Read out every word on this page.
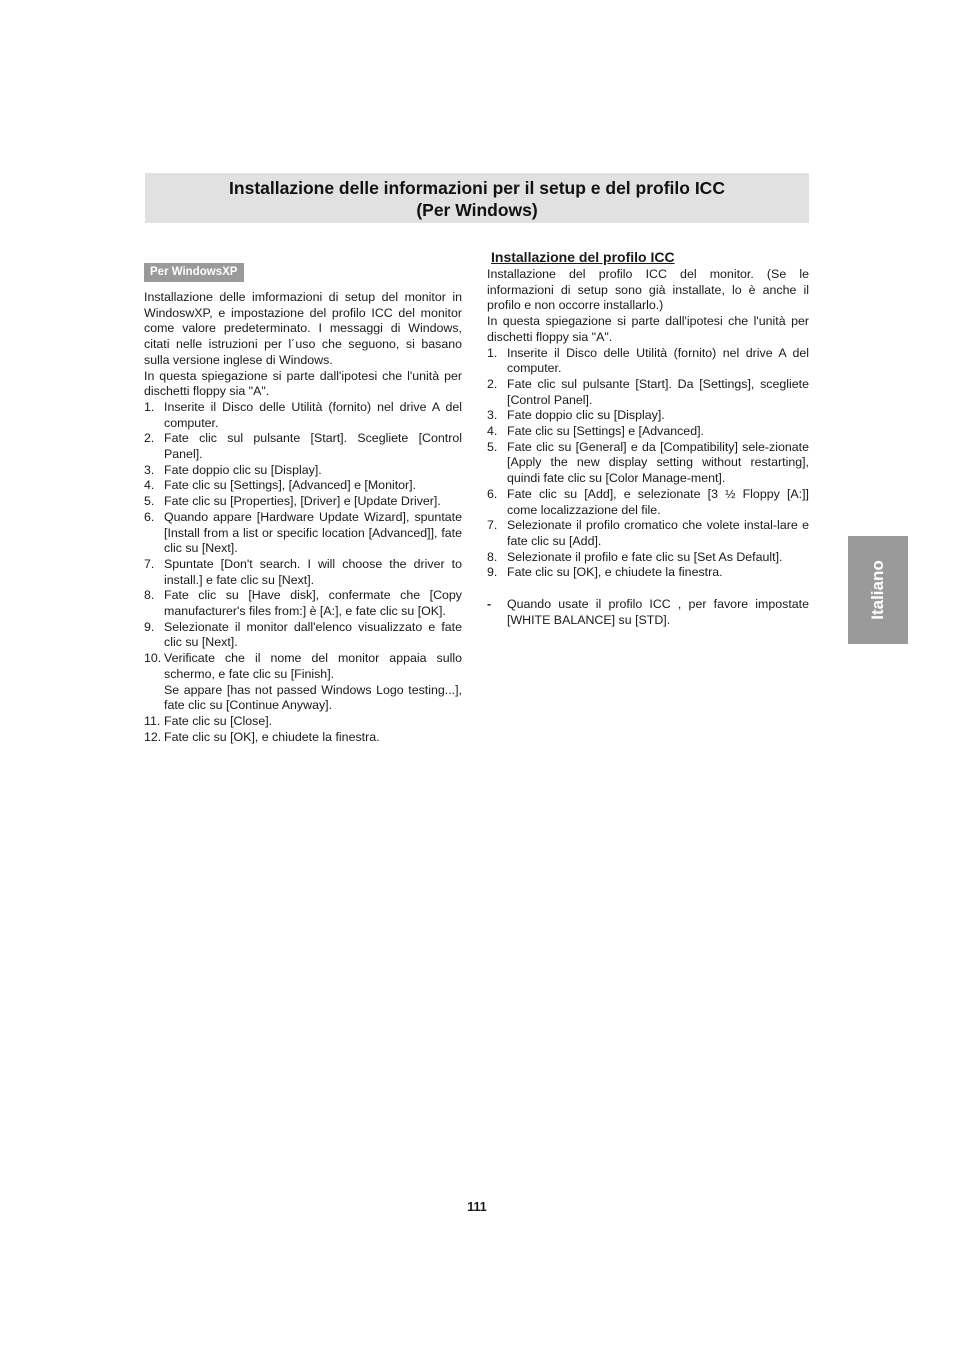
Installazione delle informazioni per il setup e del profilo ICC
(Per Windows)
Per WindowsXP

Installazione delle imformazioni di setup del monitor in WindoswXP, e impostazione del profilo ICC del monitor come valore predeterminato. I messaggi di Windows, citati nelle istruzioni per l´uso che seguono, si basano sulla versione inglese di Windows.

In questa spiegazione si parte dall'ipotesi che l'unità per dischetti floppy sia "A".

1. Inserite il Disco delle Utilità (fornito) nel drive A del computer.
2. Fate clic sul pulsante [Start]. Scegliete [Control Panel].
3. Fate doppio clic su [Display].
4. Fate clic su [Settings], [Advanced] e [Monitor].
5. Fate clic su [Properties], [Driver] e [Update Driver].
6. Quando appare [Hardware Update Wizard], spuntate [Install from a list or specific location [Advanced]], fate clic su [Next].
7. Spuntate [Don't search. I will choose the driver to install.] e fate clic su [Next].
8. Fate clic su [Have disk], confermate che [Copy manufacturer's files from:] è [A:], e fate clic su [OK].
9. Selezionate il monitor dall'elenco visualizzato e fate clic su [Next].
10. Verificate che il nome del monitor appaia sullo schermo, e fate clic su [Finish].
Se appare [has not passed Windows Logo testing...], fate clic su [Continue Anyway].
11. Fate clic su [Close].
12. Fate clic su [OK], e chiudete la finestra.
Installazione del profilo ICC

Installazione del profilo ICC del monitor. (Se le informazioni di setup sono già installate, lo è anche il profilo e non occorre installarlo.)

In questa spiegazione si parte dall'ipotesi che l'unità per dischetti floppy sia "A".

1. Inserite il Disco delle Utilità (fornito) nel drive A del computer.
2. Fate clic sul pulsante [Start]. Da [Settings], scegliete [Control Panel].
3. Fate doppio clic su [Display].
4. Fate clic su [Settings] e [Advanced].
5. Fate clic su [General] e da [Compatibility] sele-zionate [Apply the new display setting without restarting], quindi fate clic su [Color Manage-ment].
6. Fate clic su [Add], e selezionate [3 ½ Floppy [A:]] come localizzazione del file.
7. Selezionate il profilo cromatico che volete instal-lare e fate clic su [Add].
8. Selezionate il profilo e fate clic su [Set As Default].
9. Fate clic su [OK], e chiudete la finestra.
- Quando usate il profilo ICC , per favore impostate [WHITE BALANCE] su [STD].
Italiano
111
